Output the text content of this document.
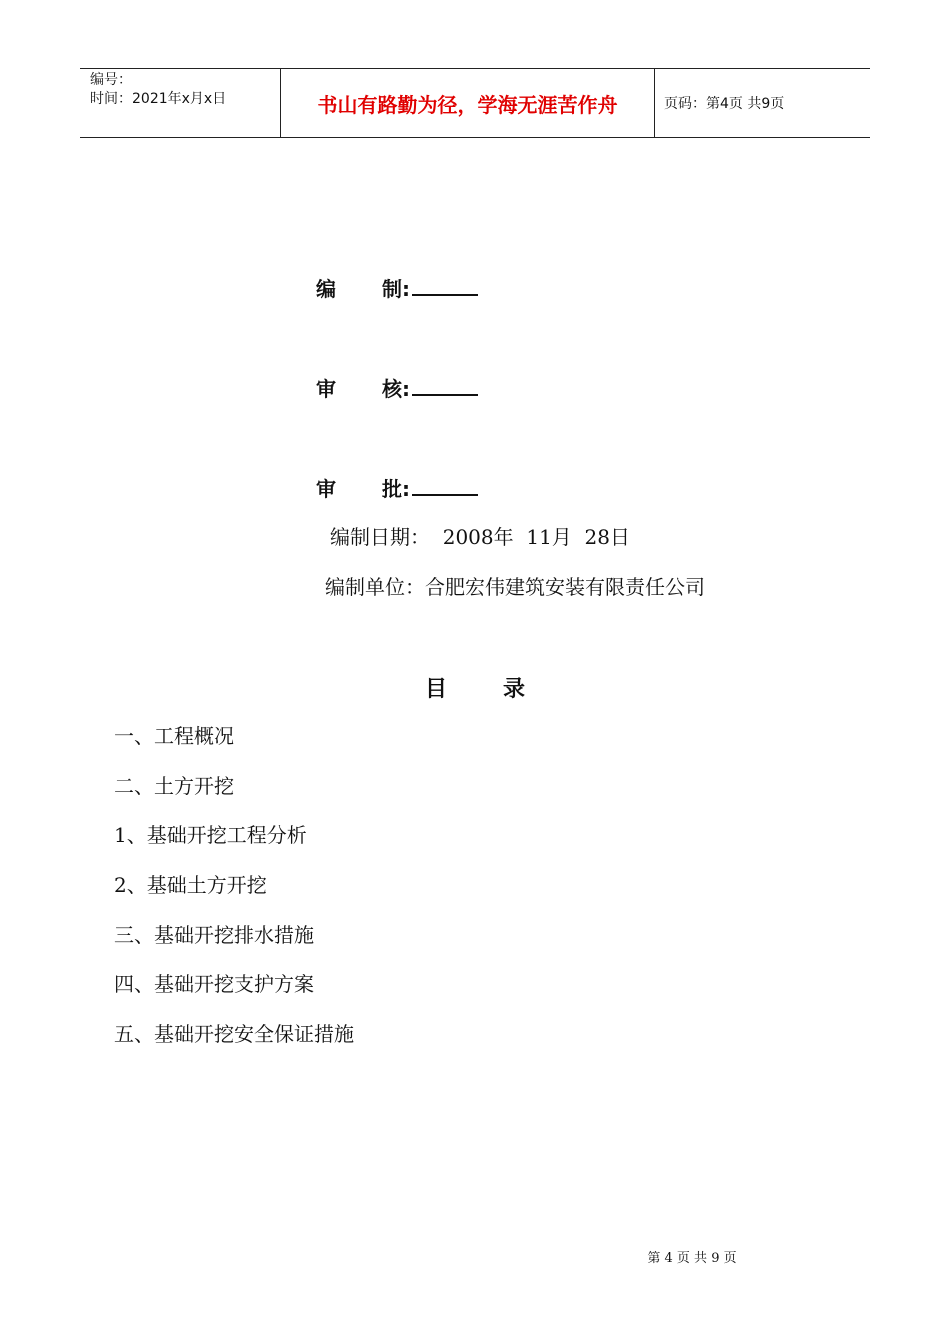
编号：
时间：2021年x月x日	书山有路勤为径，学海无涯苦作舟	页码：第4页 共9页
编	制:
审	核:
审	批:
编制日期：  2008年  11月  28日
编制单位：合肥宏伟建筑安装有限责任公司
目	录
一、工程概况
二、土方开挖
1、基础开挖工程分析
2、基础土方开挖
三、基础开挖排水措施
四、基础开挖支护方案
五、基础开挖安全保证措施
第 4 页 共 9 页
